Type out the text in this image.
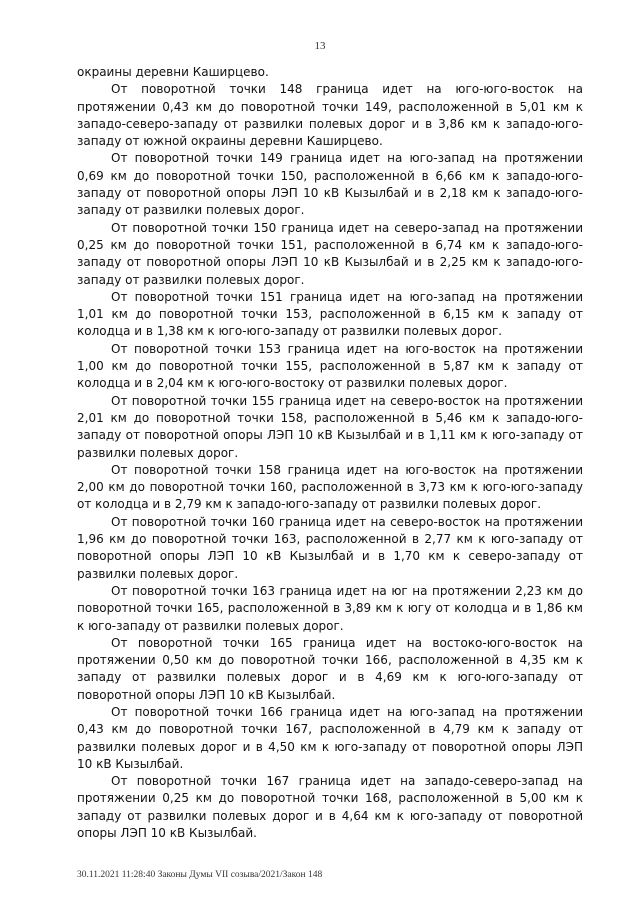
13

окраины деревни Каширцево.

От поворотной точки 148 граница идет на юго-юго-восток на протяжении 0,43 км до поворотной точки 149, расположенной в 5,01 км к западо-северо-западу от развилки полевых дорог и в 3,86 км к западо-юго-западу от южной окраины деревни Каширцево.

От поворотной точки 149 граница идет на юго-запад на протяжении 0,69 км до поворотной точки 150, расположенной в 6,66 км к западо-юго-западу от поворотной опоры ЛЭП 10 кВ Кызылбай и в 2,18 км к западо-юго-западу от развилки полевых дорог.

От поворотной точки 150 граница идет на северо-запад на протяжении 0,25 км до поворотной точки 151, расположенной в 6,74 км к западо-юго-западу от поворотной опоры ЛЭП 10 кВ Кызылбай и в 2,25 км к западо-юго-западу от развилки полевых дорог.

От поворотной точки 151 граница идет на юго-запад на протяжении 1,01 км до поворотной точки 153, расположенной в 6,15 км к западу от колодца и в 1,38 км к юго-юго-западу от развилки полевых дорог.

От поворотной точки 153 граница идет на юго-восток на протяжении 1,00 км до поворотной точки 155, расположенной в 5,87 км к западу от колодца и в 2,04 км к юго-юго-востоку от развилки полевых дорог.

От поворотной точки 155 граница идет на северо-восток на протяжении 2,01 км до поворотной точки 158, расположенной в 5,46 км к западо-юго-западу от поворотной опоры ЛЭП 10 кВ Кызылбай и в 1,11 км к юго-западу от развилки полевых дорог.

От поворотной точки 158 граница идет на юго-восток на протяжении 2,00 км до поворотной точки 160, расположенной в 3,73 км к юго-юго-западу от колодца и в 2,79 км к западо-юго-западу от развилки полевых дорог.

От поворотной точки 160 граница идет на северо-восток на протяжении 1,96 км до поворотной точки 163, расположенной в 2,77 км к юго-западу от поворотной опоры ЛЭП 10 кВ Кызылбай и в 1,70 км к северо-западу от развилки полевых дорог.

От поворотной точки 163 граница идет на юг на протяжении 2,23 км до поворотной точки 165, расположенной в 3,89 км к югу от колодца и в 1,86 км к юго-западу от развилки полевых дорог.

От поворотной точки 165 граница идет на востоко-юго-восток на протяжении 0,50 км до поворотной точки 166, расположенной в 4,35 км к западу от развилки полевых дорог и в 4,69 км к юго-юго-западу от поворотной опоры ЛЭП 10 кВ Кызылбай.

От поворотной точки 166 граница идет на юго-запад на протяжении 0,43 км до поворотной точки 167, расположенной в 4,79 км к западу от развилки полевых дорог и в 4,50 км к юго-западу от поворотной опоры ЛЭП 10 кВ Кызылбай.

От поворотной точки 167 граница идет на западо-северо-запад на протяжении 0,25 км до поворотной точки 168, расположенной в 5,00 км к западу от развилки полевых дорог и в 4,64 км к юго-западу от поворотной опоры ЛЭП 10 кВ Кызылбай.

30.11.2021 11:28:40 Законы Думы VII созыва/2021/Закон 148
